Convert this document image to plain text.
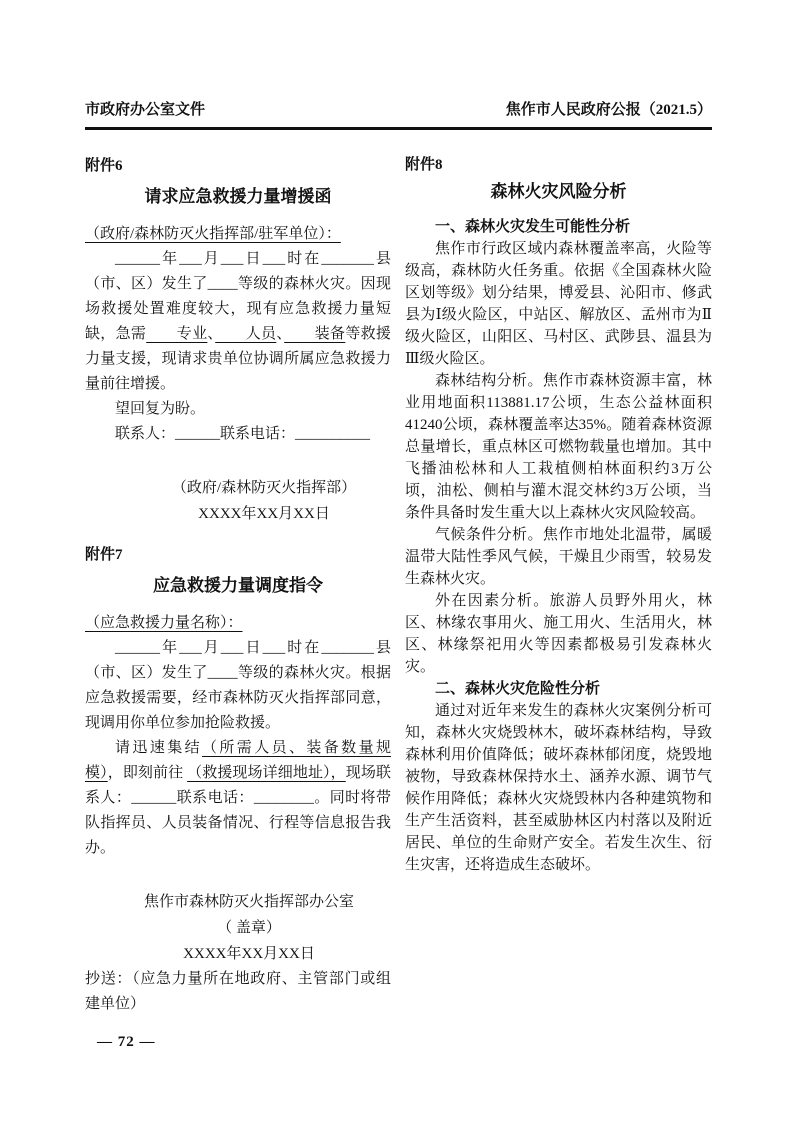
市政府办公室文件	焦作市人民政府公报（2021.5）

附件6

请求应急救援力量增援函

（政府/森林防灭火指挥部/驻军单位）：

______年___月___日___时在_______县（市、区）发生了____等级的森林火灾。因现场救援处置难度较大，现有应急救援力量短缺，急需　　专业、　　人员、　　装备等救援力量支援，现请求贵单位协调所属应急救援力量前往增援。

望回复为盼。

联系人：______联系电话：__________

（政府/森林防灭火指挥部）
XXXX年XX月XX日

附件7

应急救援力量调度指令

（应急救援力量名称）：

______年___月___日___时在_______县（市、区）发生了____等级的森林火灾。根据应急救援需要，经市森林防灭火指挥部同意，现调用你单位参加抢险救援。

请迅速集结（所需人员、装备数量规模），即刻前往 （救援现场详细地址），现场联系人：______联系电话：________。同时将带队指挥员、人员装备情况、行程等信息报告我办。

焦作市森林防灭火指挥部办公室
（ 盖章）
XXXX年XX月XX日

抄送：（应急力量所在地政府、主管部门或组建单位）

— 72 —

附件8

森林火灾风险分析

一、森林火灾发生可能性分析

焦作市行政区域内森林覆盖率高，火险等级高，森林防火任务重。依据《全国森林火险区划等级》划分结果，博爱县、沁阳市、修武县为Ⅰ级火险区，中站区、解放区、孟州市为Ⅱ级火险区，山阳区、马村区、武陟县、温县为Ⅲ级火险区。

森林结构分析。焦作市森林资源丰富，林业用地面积113881.17公顷，生态公益林面积41240公顷，森林覆盖率达35%。随着森林资源总量增长，重点林区可燃物载量也增加。其中飞播油松林和人工栽植侧柏林面积约3万公顷，油松、侧柏与灌木混交林约3万公顷，当条件具备时发生重大以上森林火灾风险较高。

气候条件分析。焦作市地处北温带，属暖温带大陆性季风气候，干燥且少雨雪，较易发生森林火灾。

外在因素分析。旅游人员野外用火，林区、林缘农事用火、施工用火、生活用火，林区、林缘祭祀用火等因素都极易引发森林火灾。

二、森林火灾危险性分析

通过对近年来发生的森林火灾案例分析可知，森林火灾烧毁林木，破坏森林结构，导致森林利用价值降低；破坏森林郁闭度，烧毁地被物，导致森林保持水土、涵养水源、调节气候作用降低；森林火灾烧毁林内各种建筑物和生产生活资料，甚至威胁林区内村落以及附近居民、单位的生命财产安全。若发生次生、衍生灾害，还将造成生态破坏。
